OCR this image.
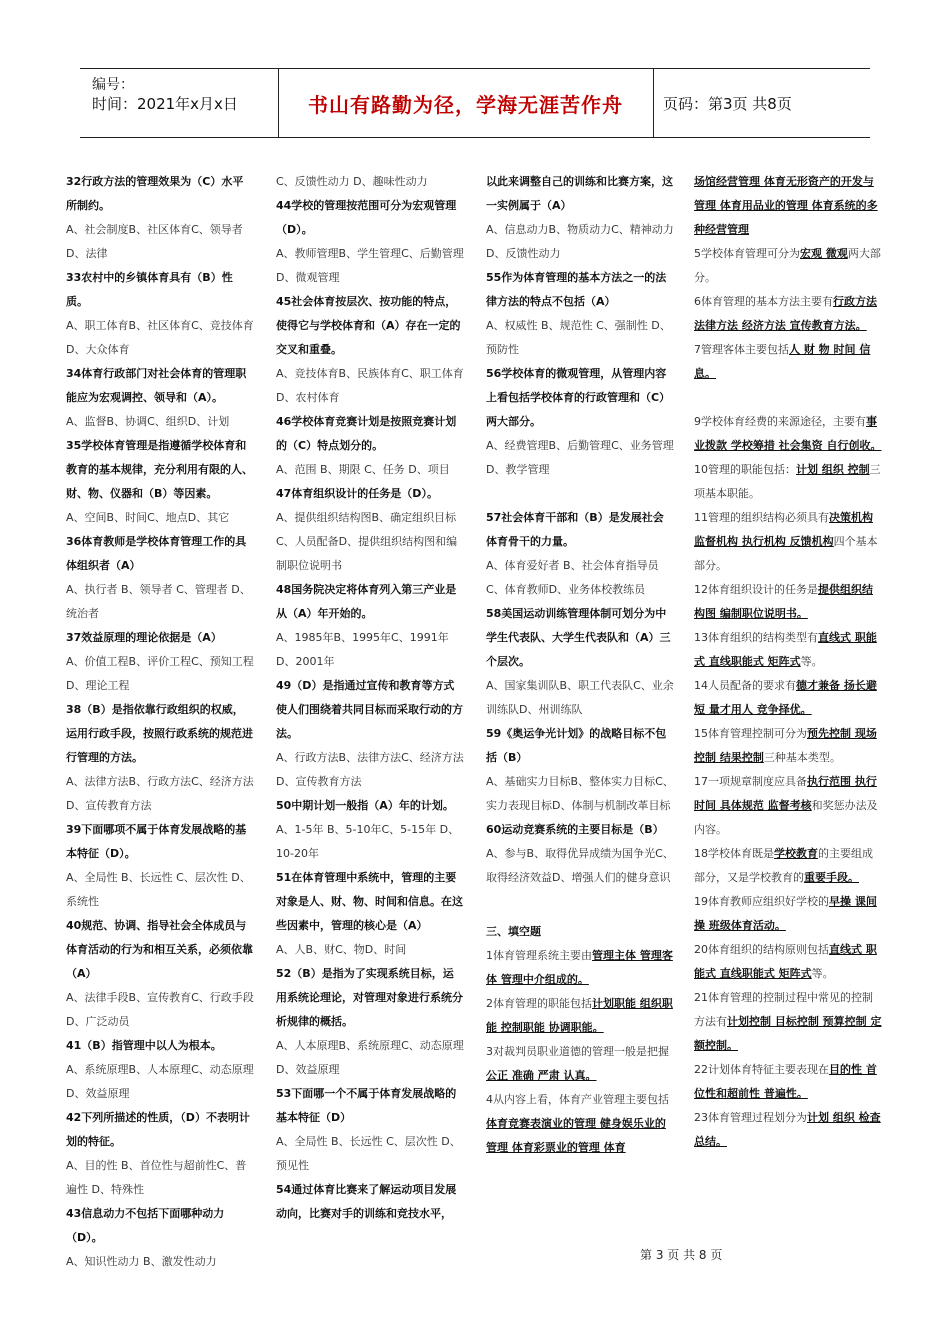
编号：
时间：2021年x月x日	书山有路勤为径，学海无涯苦作舟	页码：第3页 共8页

32行政方法的管理效果为（C）水平所制约。

A、社会制度B、社区体育C、领导者 D、法律

33农村中的乡镇体育具有（B）性质。

A、职工体育B、社区体育C、竞技体育D、大众体育

34体育行政部门对社会体育的管理职能应为宏观调控、领导和（A）。

A、监督B、协调C、组织D、计划

35学校体育管理是指遵循学校体育和教育的基本规律，充分利用有限的人、财、物、仪器和（B）等因素。

A、空间B、时间C、地点D、其它

36体育教师是学校体育管理工作的具体组织者（A）

A、执行者 B、领导者 C、管理者 D、统治者

37效益原理的理论依据是（A）

A、价值工程B、评价工程C、预知工程D、理论工程

38（B）是指依靠行政组织的权威，运用行政手段，按照行政系统的规范进行管理的方法。

A、法律方法B、行政方法C、经济方法D、宣传教育方法

39下面哪项不属于体育发展战略的基本特征（D）。

A、全局性 B、长远性 C、层次性 D、系统性

40规范、协调、指导社会全体成员与体育活动的行为和相互关系，必须依靠（A）

A、法律手段B、宣传教育C、行政手段D、广泛动员

41（B）指管理中以人为根本。

A、系统原理B、人本原理C、动态原理D、效益原理

42下列所描述的性质，（D）不表明计划的特征。

A、目的性 B、首位性与超前性C、普遍性 D、特殊性

43信息动力不包括下面哪种动力（D）。

A、知识性动力 B、激发性动力

C、反馈性动力 D、趣味性动力

44学校的管理按范围可分为宏观管理（D）。

A、教师管理B、学生管理C、后勤管理D、微观管理

45社会体育按层次、按功能的特点，使得它与学校体育和（A）存在一定的交叉和重叠。

A、竞技体育B、民族体育C、职工体育D、农村体育

46学校体育竞赛计划是按照竞赛计划的（C）特点划分的。

A、范围 B、期限 C、任务 D、项目

47体育组织设计的任务是（D）。

A、提供组织结构图B、确定组织目标C、人员配备D、提供组织结构图和编制职位说明书

48国务院决定将体育列入第三产业是从（A）年开始的。

A、1985年B、1995年C、1991年 D、2001年

49（D）是指通过宣传和教育等方式使人们围绕着共同目标而采取行动的方法。

A、行政方法B、法律方法C、经济方法D、宣传教育方法

50中期计划一般指（A）年的计划。

A、1-5年 B、5-10年C、5-15年 D、10-20年

51在体育管理中系统中，管理的主要对象是人、财、物、时间和信息。在这些因素中，管理的核心是（A）

A、人B、财C、物D、时间

52（B）是指为了实现系统目标，运用系统论理论，对管理对象进行系统分析规律的概括。

A、人本原理B、系统原理C、动态原理D、效益原理

53下面哪一个不属于体育发展战略的基本特征（D）

A、全局性 B、长远性 C、层次性 D、预见性

54通过体育比赛来了解运动项目发展动向，比赛对手的训练和竞技水平，

以此来调整自己的训练和比赛方案，这一实例属于（A）

A、信息动力B、物质动力C、精神动力D、反馈性动力

55作为体育管理的基本方法之一的法律方法的特点不包括（A）

A、权威性 B、规范性 C、强制性 D、预防性

56学校体育的微观管理，从管理内容上看包括学校体育的行政管理和（C）两大部分。

A、经费管理B、后勤管理C、业务管理D、教学管理

57社会体育干部和（B）是发展社会体育骨干的力量。

A、体育爱好者 B、社会体育指导员C、体育教师D、业务体校教练员

58美国运动训练管理体制可划分为中学生代表队、大学生代表队和（A）三个层次。

A、国家集训队B、职工代表队C、业余训练队D、州训练队

59《奥运争光计划》的战略目标不包括（B）

A、基础实力目标B、整体实力目标C、实力表现目标D、体制与机制改革目标

60运动竞赛系统的主要目标是（B）

A、参与B、取得优异成绩为国争光C、取得经济效益D、增强人们的健身意识

三、填空题

1体育管理系统主要由管理主体 管理客体 管理中介组成的。

2体育管理的职能包括计划职能 组织职能 控制职能 协调职能。

3对裁判员职业道德的管理一般是把握公正 准确 严肃 认真。

4从内容上看，体育产业管理主要包括体育竞赛表演业的管理 健身娱乐业的管理 体育彩票业的管理 体育

场馆经营管理 体育无形资产的开发与管理 体育用品业的管理 体育系统的多种经营管理

5学校体育管理可分为宏观 微观两大部分。

6体育管理的基本方法主要有行政方法 法律方法 经济方法 宣传教育方法。

7管理客体主要包括人 财 物 时间 信息。

9学校体育经费的来源途径，主要有事业拨款 学校筹措 社会集资 自行创收。

10管理的职能包括：计划 组织 控制三项基本职能。

11管理的组织结构必须具有决策机构 监督机构 执行机构 反馈机构四个基本部分。

12体育组织设计的任务是提供组织结构图 编制职位说明书。

13体育组织的结构类型有直线式 职能式 直线职能式 矩阵式等。

14人员配备的要求有德才兼备 扬长避短 量才用人 竞争择优。

15体育管理控制可分为预先控制 现场控制 结果控制三种基本类型。

17一项规章制度应具备执行范围 执行时间 具体规范 监督考核和奖惩办法及内容。

18学校体育既是学校教育的主要组成部分，又是学校教育的重要手段。

19体育教师应组织好学校的早操 课间操 班级体育活动。

20体育组织的结构原则包括直线式 职能式 直线职能式 矩阵式等。

21体育管理的控制过程中常见的控制方法有计划控制 目标控制 预算控制 定额控制。

22计划体育特征主要表现在目的性 首位性和超前性 普遍性。

23体育管理过程划分为计划 组织 检查 总结。

第 3 页 共 8 页
